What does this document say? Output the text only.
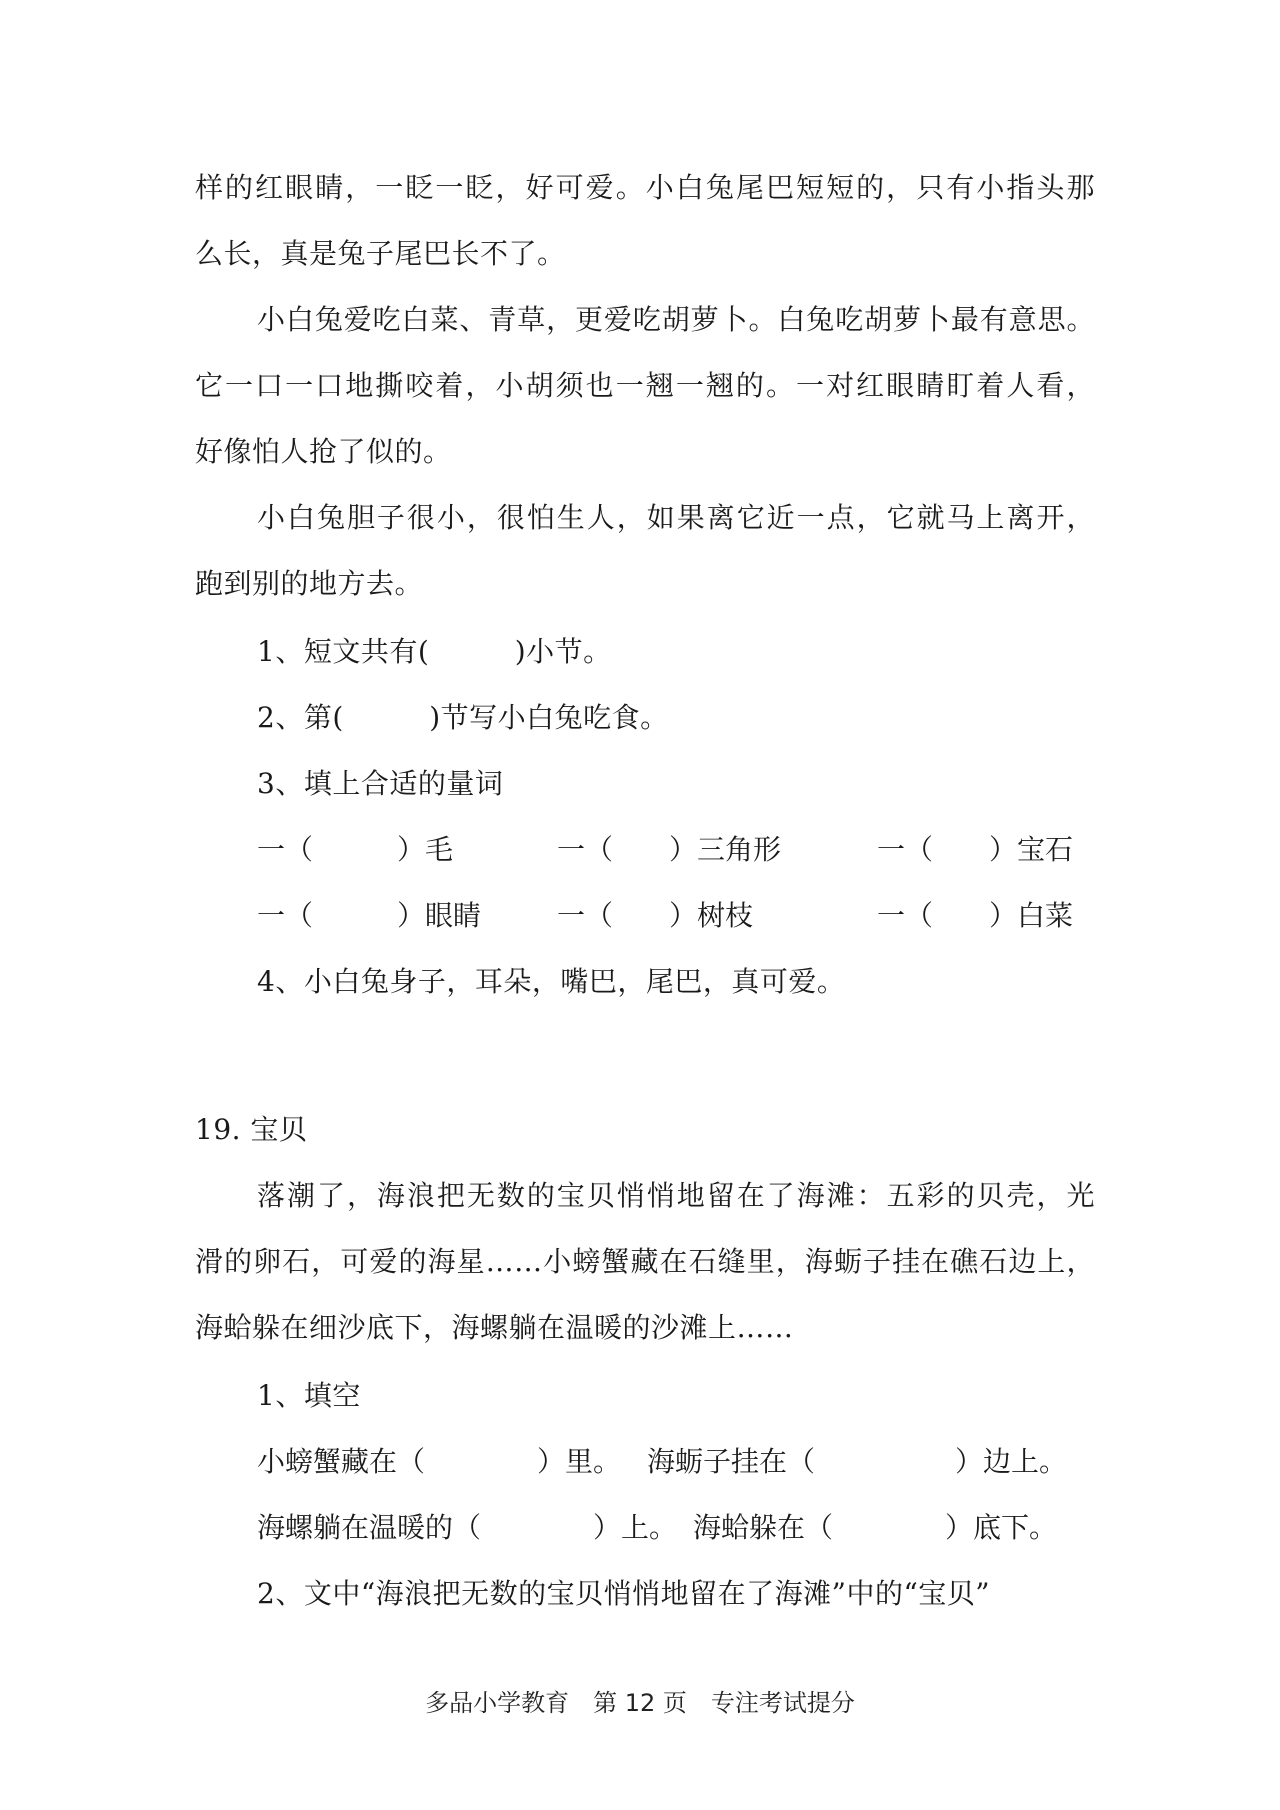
样的红眼睛，一眨一眨，好可爱。小白兔尾巴短短的，只有小指头那
么长，真是兔子尾巴长不了。
小白兔爱吃白菜、青草，更爱吃胡萝卜。白兔吃胡萝卜最有意思。
它一口一口地撕咬着，小胡须也一翘一翘的。一对红眼睛盯着人看，
好像怕人抢了似的。
小白兔胆子很小，很怕生人，如果离它近一点，它就马上离开，
跑到别的地方去。
1、短文共有(　　　)小节。
2、第(　　　)节写小白兔吃食。
3、填上合适的量词
一（　　　）毛	一（　　）三角形	一（　　）宝石
一（　　　）眼睛	一（　　）树枝	一（　　）白菜
4、小白兔身子，耳朵，嘴巴，尾巴，真可爱。
19. 宝贝
落潮了，海浪把无数的宝贝悄悄地留在了海滩：五彩的贝壳，光
滑的卵石，可爱的海星……小螃蟹藏在石缝里，海蛎子挂在礁石边上，
海蛤躲在细沙底下，海螺躺在温暖的沙滩上……
1、填空
小螃蟹藏在（　　　　）里。 海蛎子挂在（　　　　　）边上。
海螺躺在温暖的（　　　　）上。 海蛤躲在（　　　　）底下。
2、文中“海浪把无数的宝贝悄悄地留在了海滩”中的“宝贝”
多品小学教育　第 12 页　专注考试提分
